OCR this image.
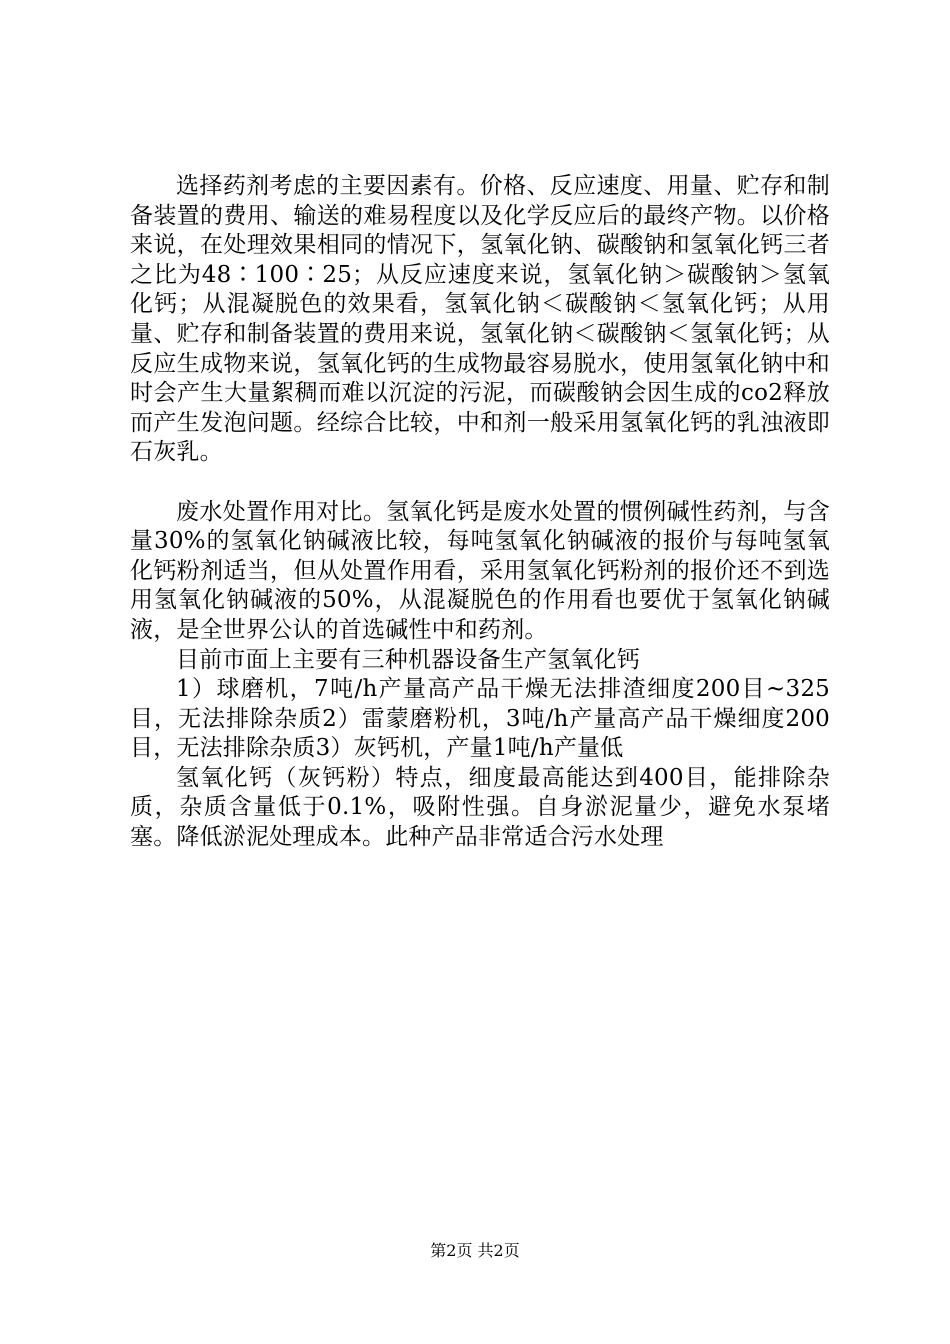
选择药剂考虑的主要因素有。价格、反应速度、用量、贮存和制备装置的费用、输送的难易程度以及化学反应后的最终产物。以价格来说，在处理效果相同的情况下，氢氧化钠、碳酸钠和氢氧化钙三者之比为48∶100∶25；从反应速度来说，氢氧化钠＞碳酸钠＞氢氧化钙；从混凝脱色的效果看，氢氧化钠＜碳酸钠＜氢氧化钙；从用量、贮存和制备装置的费用来说，氢氧化钠＜碳酸钠＜氢氧化钙；从反应生成物来说，氢氧化钙的生成物最容易脱水，使用氢氧化钠中和时会产生大量絮稠而难以沉淀的污泥，而碳酸钠会因生成的co2释放而产生发泡问题。经综合比较，中和剂一般采用氢氧化钙的乳浊液即石灰乳。

废水处置作用对比。氢氧化钙是废水处置的惯例碱性药剂，与含量30%的氢氧化钠碱液比较，每吨氢氧化钠碱液的报价与每吨氢氧化钙粉剂适当，但从处置作用看，采用氢氧化钙粉剂的报价还不到选用氢氧化钠碱液的50%，从混凝脱色的作用看也要优于氢氧化钠碱液，是全世界公认的首选碱性中和药剂。

目前市面上主要有三种机器设备生产氢氧化钙

1）球磨机，7吨/h产量高产品干燥无法排渣细度200目~325目，无法排除杂质2）雷蒙磨粉机，3吨/h产量高产品干燥细度200目，无法排除杂质3）灰钙机，产量1吨/h产量低

氢氧化钙（灰钙粉）特点，细度最高能达到400目，能排除杂质，杂质含量低于0.1%，吸附性强。自身淤泥量少，避免水泵堵塞。降低淤泥处理成本。此种产品非常适合污水处理

第2页 共2页
